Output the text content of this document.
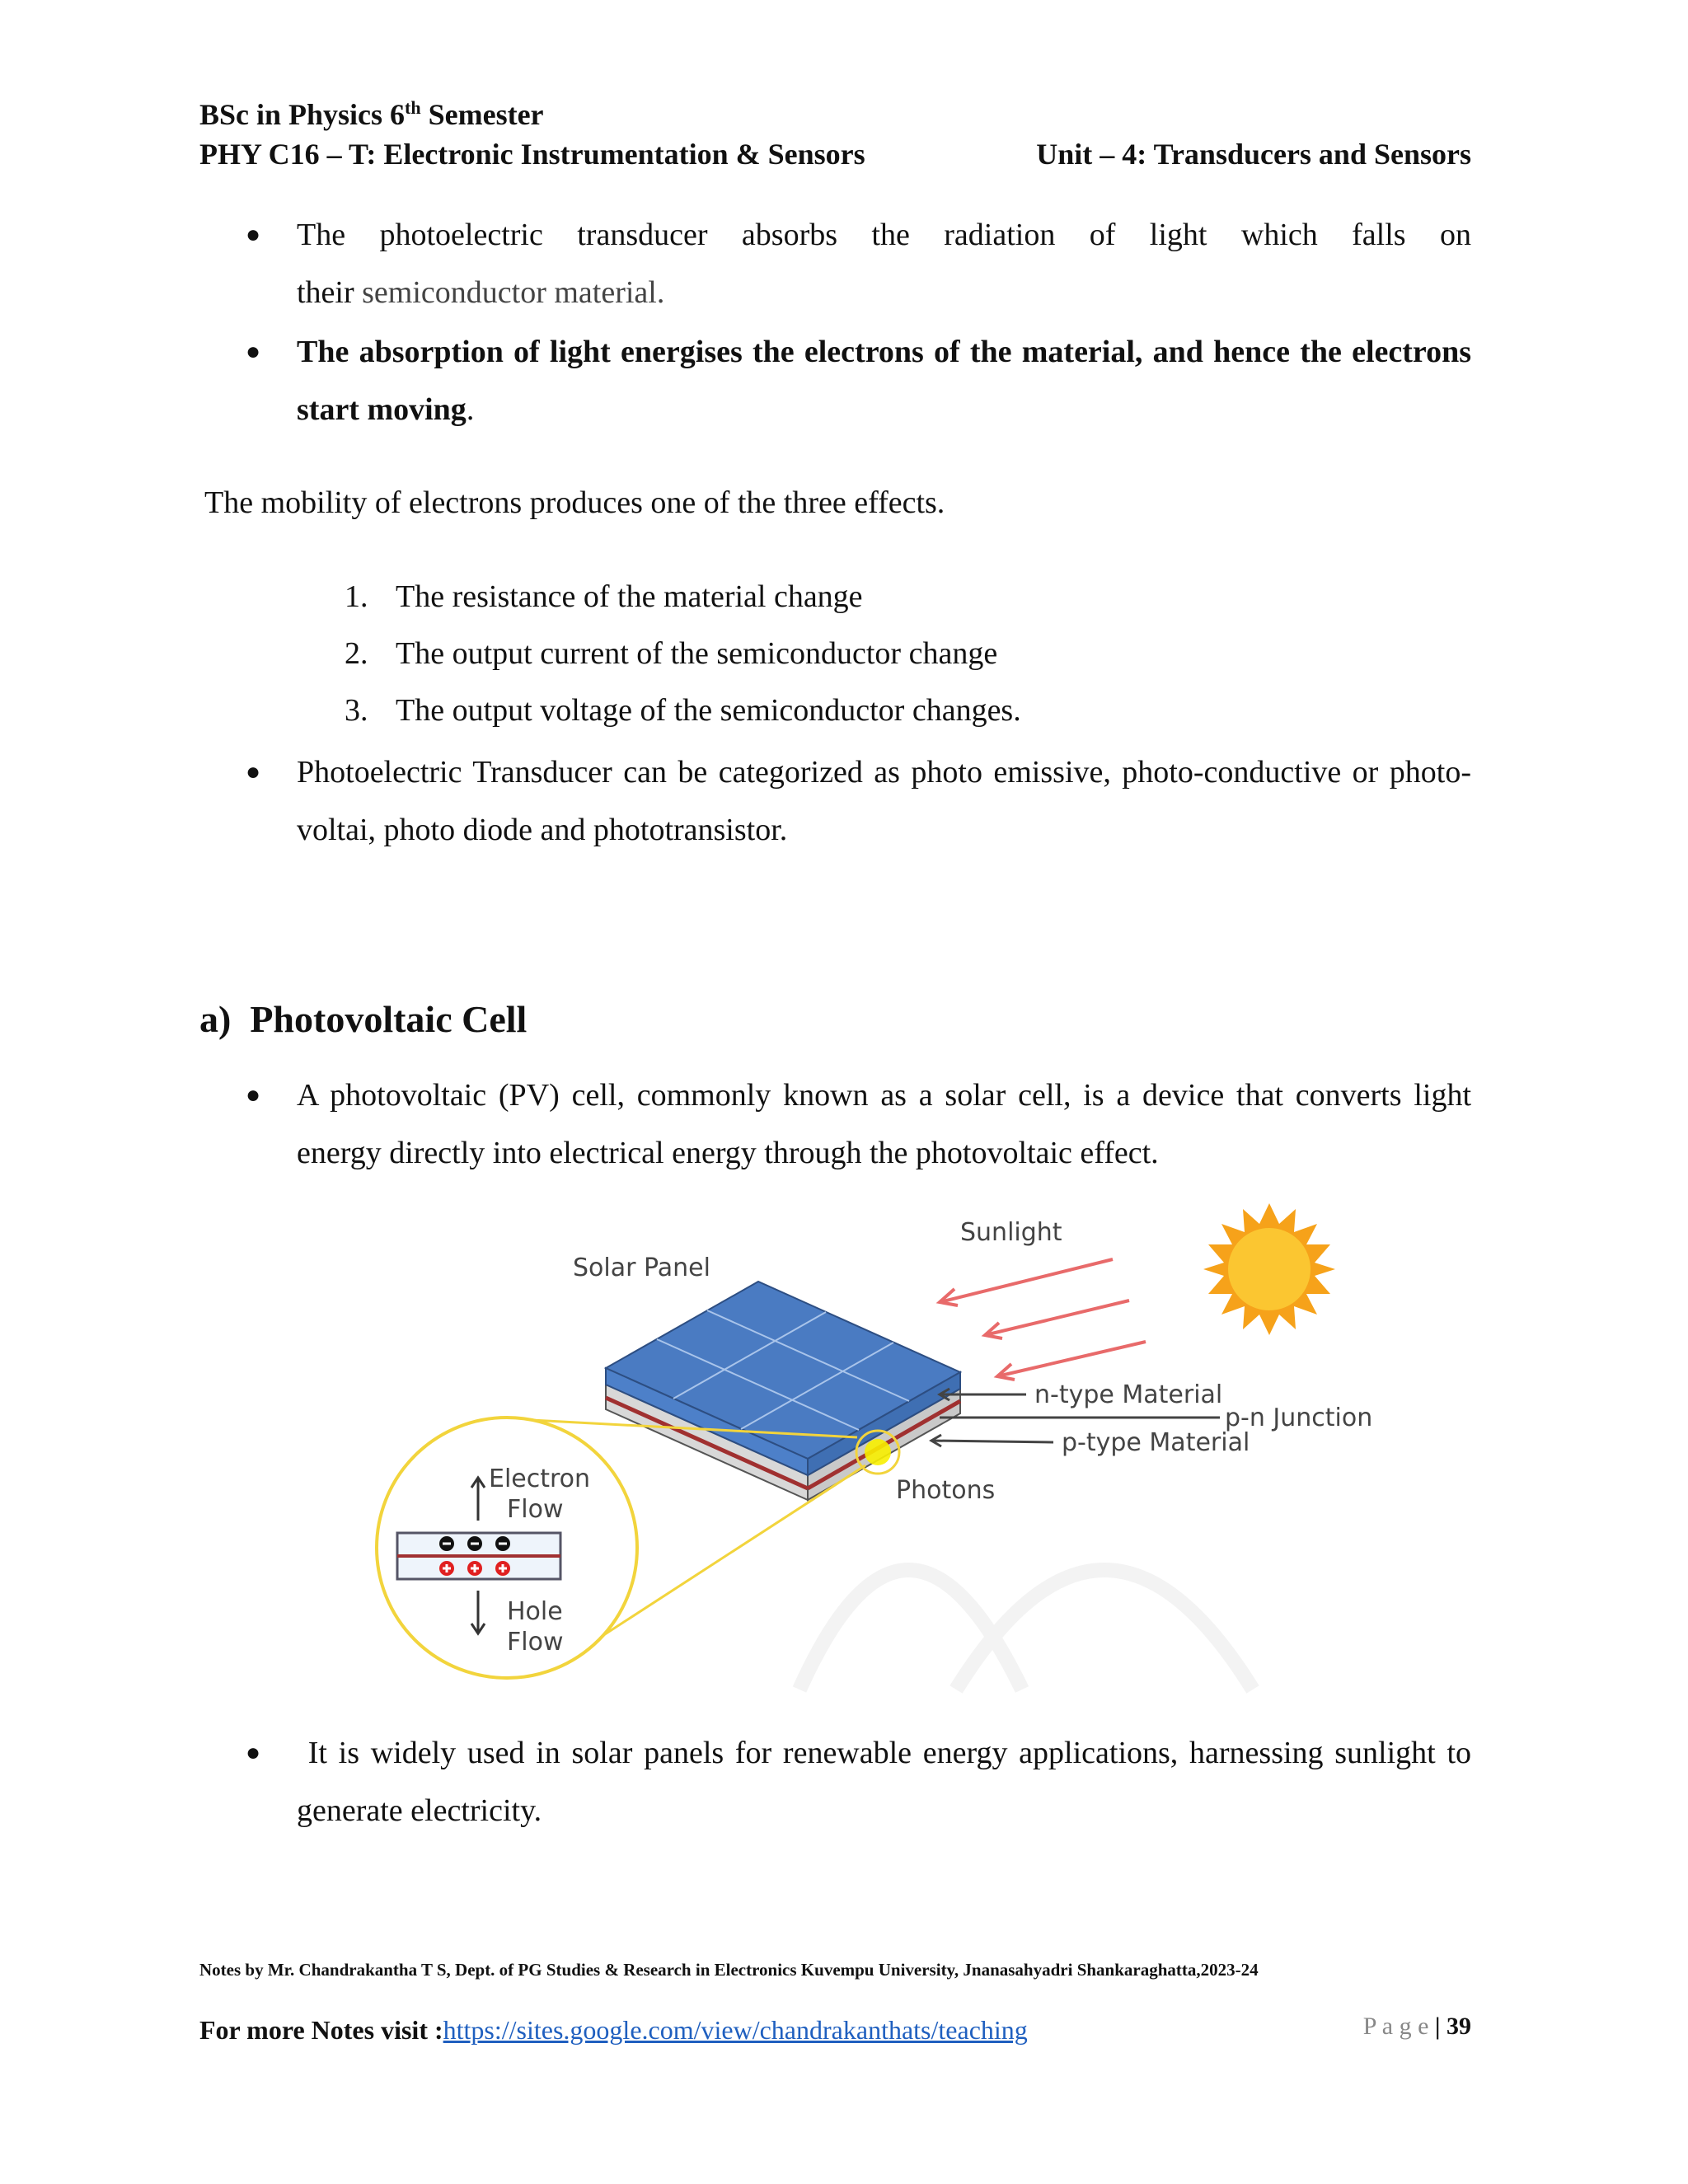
BSc in Physics 6th Semester
PHY C16 – T: Electronic Instrumentation & Sensors	Unit – 4: Transducers and Sensors
● The photoelectric transducer absorbs the radiation of light which falls on
their semiconductor material.
● The absorption of light energises the electrons of the material, and hence the electrons
start moving.
The mobility of electrons produces one of the three effects.
1. The resistance of the material change
2. The output current of the semiconductor change
3. The output voltage of the semiconductor changes.
● Photoelectric Transducer can be categorized as photo emissive, photo-conductive or photo-
voltai, photo diode and phototransistor.
a)  Photovoltaic Cell
● A photovoltaic (PV) cell, commonly known as a solar cell, is a device that converts light
energy directly into electrical energy through the photovoltaic effect.
Sunlight
Solar Panel
n-type Material
p-n Junction
p-type Material
Photons
Electron
Flow
Hole
Flow
● It is widely used in solar panels for renewable energy applications, harnessing sunlight to
generate electricity.
Notes by Mr. Chandrakantha T S, Dept. of PG Studies & Research in Electronics Kuvempu University, Jnanasahyadri Shankaraghatta,2023-24

P a g e | 39

For more Notes visit :https://sites.google.com/view/chandrakanthats/teaching
